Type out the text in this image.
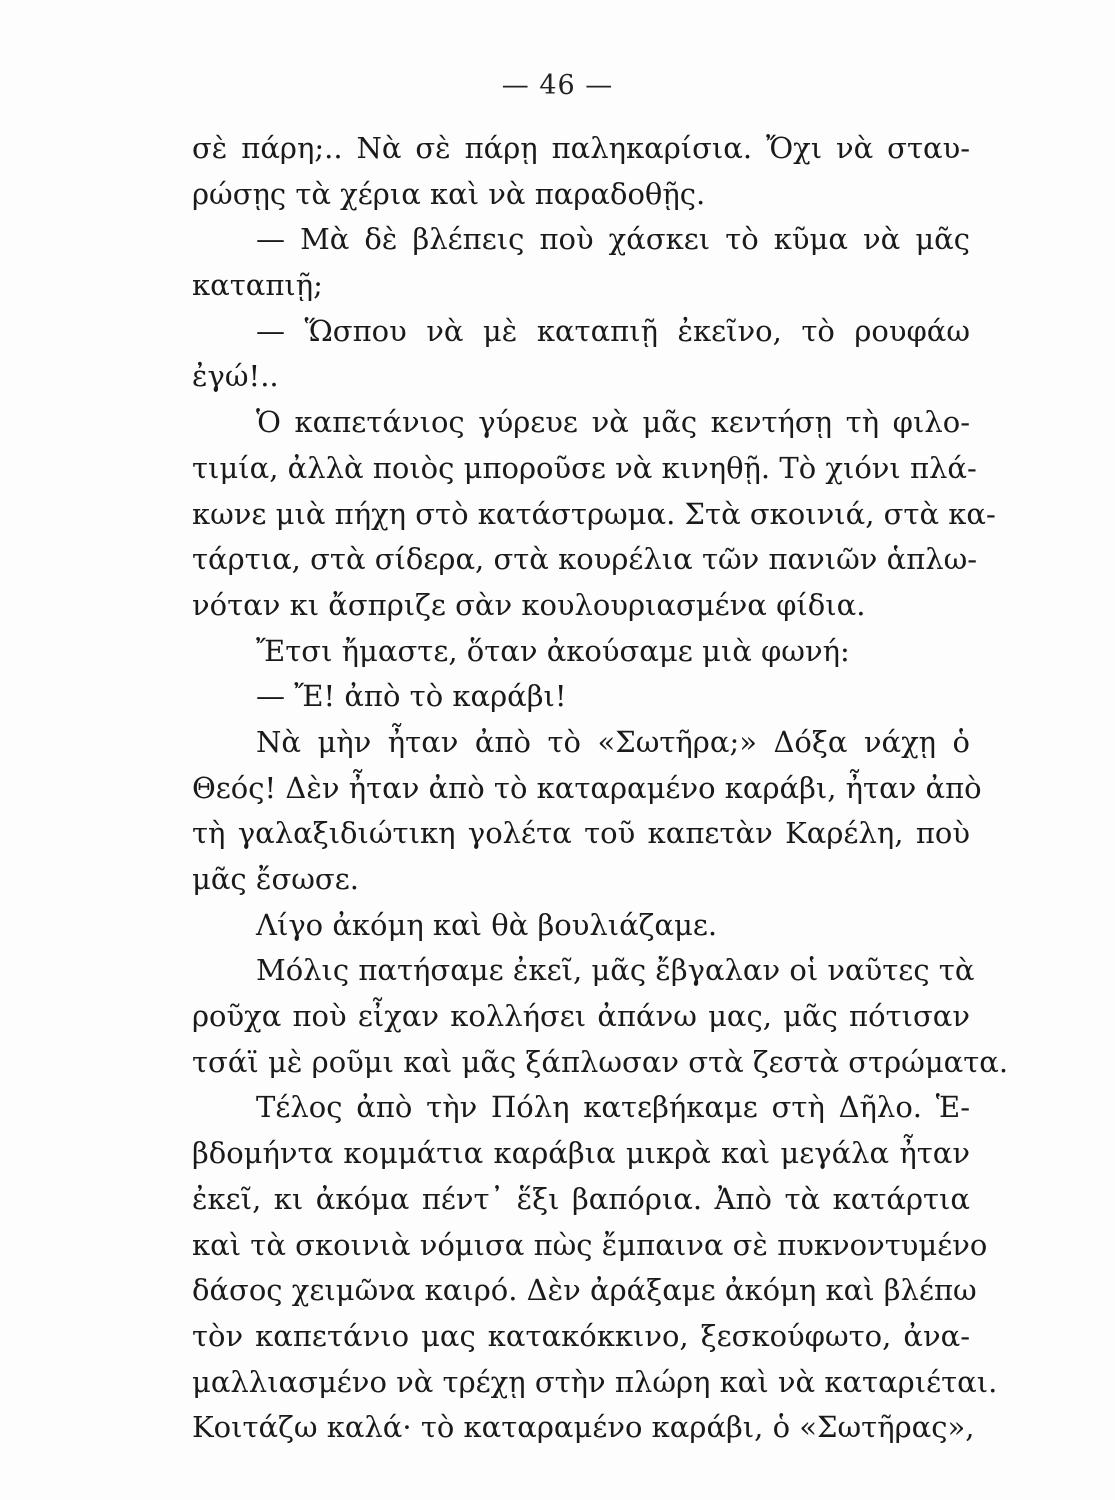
— 46 —
σὲ πάρη;.. Νὰ σὲ πάρῃ παληκαρίσια. Ὄχι νὰ σταυ-
ρώσῃς τὰ χέρια καὶ νὰ παραδοθῇς.
— Μὰ δὲ βλέπεις ποὺ χάσκει τὸ κῦμα νὰ μᾶς
καταπιῇ;
— Ὥσπου νὰ μὲ καταπιῇ ἐκεῖνο, τὸ ρουφάω
ἐγώ!..
Ὁ καπετάνιος γύρευε νὰ μᾶς κεντήσῃ τὴ φιλο-
τιμία, ἀλλὰ ποιὸς μποροῦσε νὰ κινηθῇ. Τὸ χιόνι πλά-
κωνε μιὰ πήχη στὸ κατάστρωμα. Στὰ σκοινιά, στὰ κα-
τάρτια, στὰ σίδερα, στὰ κουρέλια τῶν πανιῶν ἁπλω-
νόταν κι ἄσπριζε σὰν κουλουριασμένα φίδια.
Ἔτσι ἤμαστε, ὅταν ἀκούσαμε μιὰ φωνή:
— Ἔ! ἀπὸ τὸ καράβι!
Νὰ μὴν ἦταν ἀπὸ τὸ «Σωτῆρα;» Δόξα νάχῃ ὁ
Θεός! Δὲν ἦταν ἀπὸ τὸ καταραμένο καράβι, ἦταν ἀπὸ
τὴ γαλαξιδιώτικη γολέτα τοῦ καπετὰν Καρέλη, ποὺ
μᾶς ἔσωσε.
Λίγο ἀκόμη καὶ θὰ βουλιάζαμε.
Μόλις πατήσαμε ἐκεῖ, μᾶς ἔβγαλαν οἱ ναῦτες τὰ
ροῦχα ποὺ εἶχαν κολλήσει ἀπάνω μας, μᾶς πότισαν
τσάϊ μὲ ροῦμι καὶ μᾶς ξάπλωσαν στὰ ζεστὰ στρώματα.
Τέλος ἀπὸ τὴν Πόλη κατεβήκαμε στὴ Δῆλο. Ἑ-
βδομήντα κομμάτια καράβια μικρὰ καὶ μεγάλα ἦταν
ἐκεῖ, κι ἀκόμα πέντ᾽ ἕξι βαπόρια. Ἀπὸ τὰ κατάρτια
καὶ τὰ σκοινιὰ νόμισα πὼς ἔμπαινα σὲ πυκνοντυμένο
δάσος χειμῶνα καιρό. Δὲν ἀράξαμε ἀκόμη καὶ βλέπω
τὸν καπετάνιο μας κατακόκκινο, ξεσκούφωτο, ἀνα-
μαλλιασμένο νὰ τρέχῃ στὴν πλώρη καὶ νὰ καταριέται.
Κοιτάζω καλά· τὸ καταραμένο καράβι, ὁ «Σωτῆρας»,
